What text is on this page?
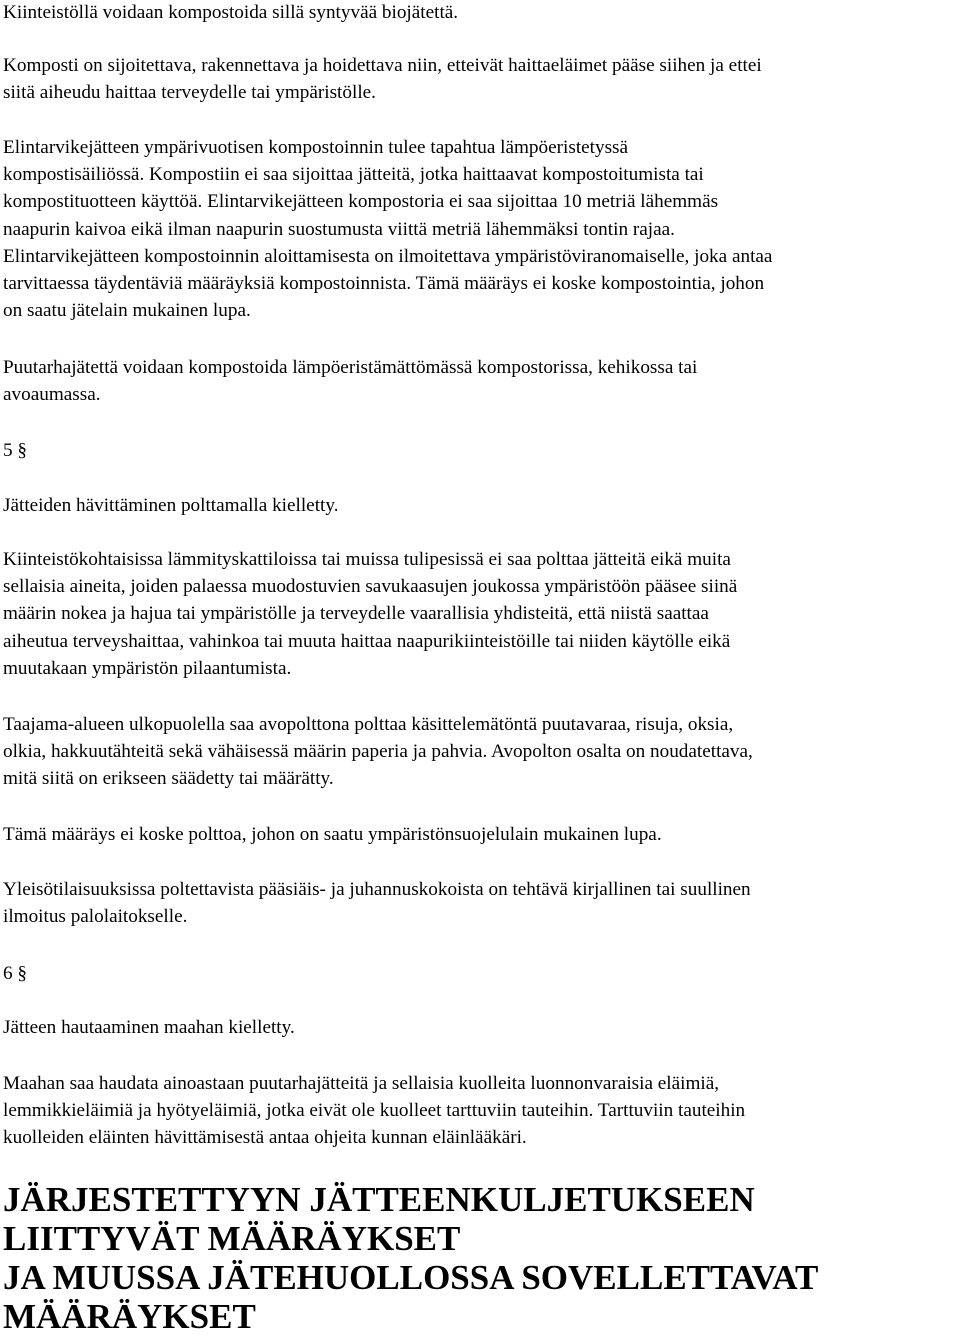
Kiinteistöllä voidaan kompostoida sillä syntyvää biojätettä.

Komposti on sijoitettava, rakennettava ja hoidettava niin, etteivät haittaeläimet pääse siihen ja ettei

siitä aiheudu haittaa terveydelle tai ympäristölle.

Elintarvikejätteen ympärivuotisen kompostoinnin tulee tapahtua lämpöeristetyssä

kompostisäiliössä. Kompostiin ei saa sijoittaa jätteitä, jotka haittaavat kompostoitumista tai

kompostituotteen käyttöä. Elintarvikejätteen kompostoria ei saa sijoittaa 10 metriä lähemmäs

naapurin kaivoa eikä ilman naapurin suostumusta viittä metriä lähemmäksi tontin rajaa.

Elintarvikejätteen kompostoinnin aloittamisesta on ilmoitettava ympäristöviranomaiselle, joka antaa

tarvittaessa täydentäviä määräyksiä kompostoinnista. Tämä määräys ei koske kompostointia, johon

on saatu jätelain mukainen lupa.

Puutarhajätettä voidaan kompostoida lämpöeristämättömässä kompostorissa, kehikossa tai

avoaumassa.

5 §

Jätteiden hävittäminen polttamalla kielletty.

Kiinteistökohtaisissa lämmityskattiloissa tai muissa tulipesissä ei saa polttaa jätteitä eikä muita

sellaisia aineita, joiden palaessa muodostuvien savukaasujen joukossa ympäristöön pääsee siinä

määrin nokea ja hajua tai ympäristölle ja terveydelle vaarallisia yhdisteitä, että niistä saattaa

aiheutua terveyshaittaa, vahinkoa tai muuta haittaa naapurikiinteistöille tai niiden käytölle eikä

muutakaan ympäristön pilaantumista.

Taajama-alueen ulkopuolella saa avopolttona polttaa käsittelemätöntä puutavaraa, risuja, oksia,

olkia, hakkuutähteitä sekä vähäisessä määrin paperia ja pahvia. Avopolton osalta on noudatettava,

mitä siitä on erikseen säädetty tai määrätty.

Tämä määräys ei koske polttoa, johon on saatu ympäristönsuojelulain mukainen lupa.

Yleisötilaisuuksissa poltettavista pääsiäis- ja juhannuskokoista on tehtävä kirjallinen tai suullinen

ilmoitus palolaitokselle.

6 §

Jätteen hautaaminen maahan kielletty.

Maahan saa haudata ainoastaan puutarhajätteitä ja sellaisia kuolleita luonnonvaraisia eläimiä,

lemmikkieläimiä ja hyötyeläimiä, jotka eivät ole kuolleet tarttuviin tauteihin. Tarttuviin tauteihin

kuolleiden eläinten hävittämisestä antaa ohjeita kunnan eläinlääkäri.

JÄRJESTETTYYN JÄTTEENKULJETUKSEEN

LIITTYVÄT MÄÄRÄYKSET

JA MUUSSA JÄTEHUOLLOSSA SOVELLETTAVAT

MÄÄRÄYKSET
